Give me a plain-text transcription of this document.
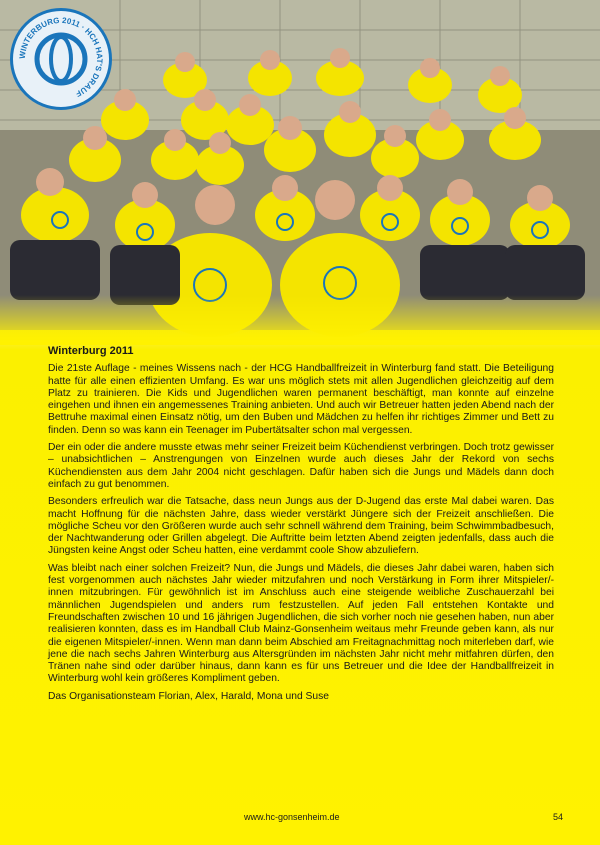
WINTERBURG 2011 · HCH HAT'S DRAUF
Winterburg 2011

Die 21ste Auflage - meines Wissens nach - der HCG Handballfreizeit in Winterburg fand statt. Die Beteiligung hatte für alle einen effizienten Umfang. Es war uns möglich stets mit allen Jugendlichen gleichzeitig auf dem Platz zu trainieren. Die Kids und Jugendlichen waren permanent beschäftigt, man konnte auf einzelne eingehen und ihnen ein angemessenes Training anbieten. Und auch wir Betreuer hatten jeden Abend nach der Bettruhe maximal einen Einsatz nötig, um den Buben und Mädchen zu helfen ihr richtiges Zimmer und Bett zu finden. Denn so was kann ein Teenager im Pubertätsalter schon mal vergessen.

Der ein oder die andere musste etwas mehr seiner Freizeit beim Küchendienst verbringen. Doch trotz gewisser – unabsichtlichen – Anstrengungen von Einzelnen wurde auch dieses Jahr der Rekord von sechs Küchendiensten aus dem Jahr 2004 nicht geschlagen. Dafür haben sich die Jungs und Mädels dann doch einfach zu gut benommen.

Besonders erfreulich war die Tatsache, dass neun Jungs aus der D-Jugend das erste Mal dabei waren. Das macht Hoffnung für die nächsten Jahre, dass wieder verstärkt Jüngere sich der Freizeit anschließen. Die mögliche Scheu vor den Größeren wurde auch sehr schnell während dem Training, beim Schwimmbadbesuch, der Nachtwanderung oder Grillen abgelegt. Die Auftritte beim letzten Abend zeigten jedenfalls, dass auch die Jüngsten keine Angst oder Scheu hatten, eine verdammt coole Show abzuliefern.

Was bleibt nach einer solchen Freizeit? Nun, die Jungs und Mädels, die dieses Jahr dabei waren, haben sich fest vorgenommen auch nächstes Jahr wieder mitzufahren und noch Verstärkung in Form ihrer Mitspieler/-innen mitzubringen. Für gewöhnlich ist im Anschluss auch eine steigende weibliche Zuschauerzahl bei männlichen Jugendspielen und anders rum festzustellen. Auf jeden Fall entstehen Kontakte und Freundschaften zwischen 10 und 16 jährigen Jugendlichen, die sich vorher noch nie gesehen haben, nun aber realisieren konnten, dass es im Handball Club Mainz-Gonsenheim weitaus mehr Freunde geben kann, als nur die eigenen Mitspieler/-innen. Wenn man dann beim Abschied am Freitagnachmittag noch miterleben darf, wie jene die nach sechs Jahren Winterburg aus Altersgründen im nächsten Jahr nicht mehr mitfahren dürfen, den Tränen nahe sind oder darüber hinaus, dann kann es für uns Betreuer und die Idee der Handballfreizeit in Winterburg wohl kein größeres Kompliment geben.

Das Organisationsteam Florian, Alex, Harald, Mona und Suse

www.hc-gonsenheim.de	54
